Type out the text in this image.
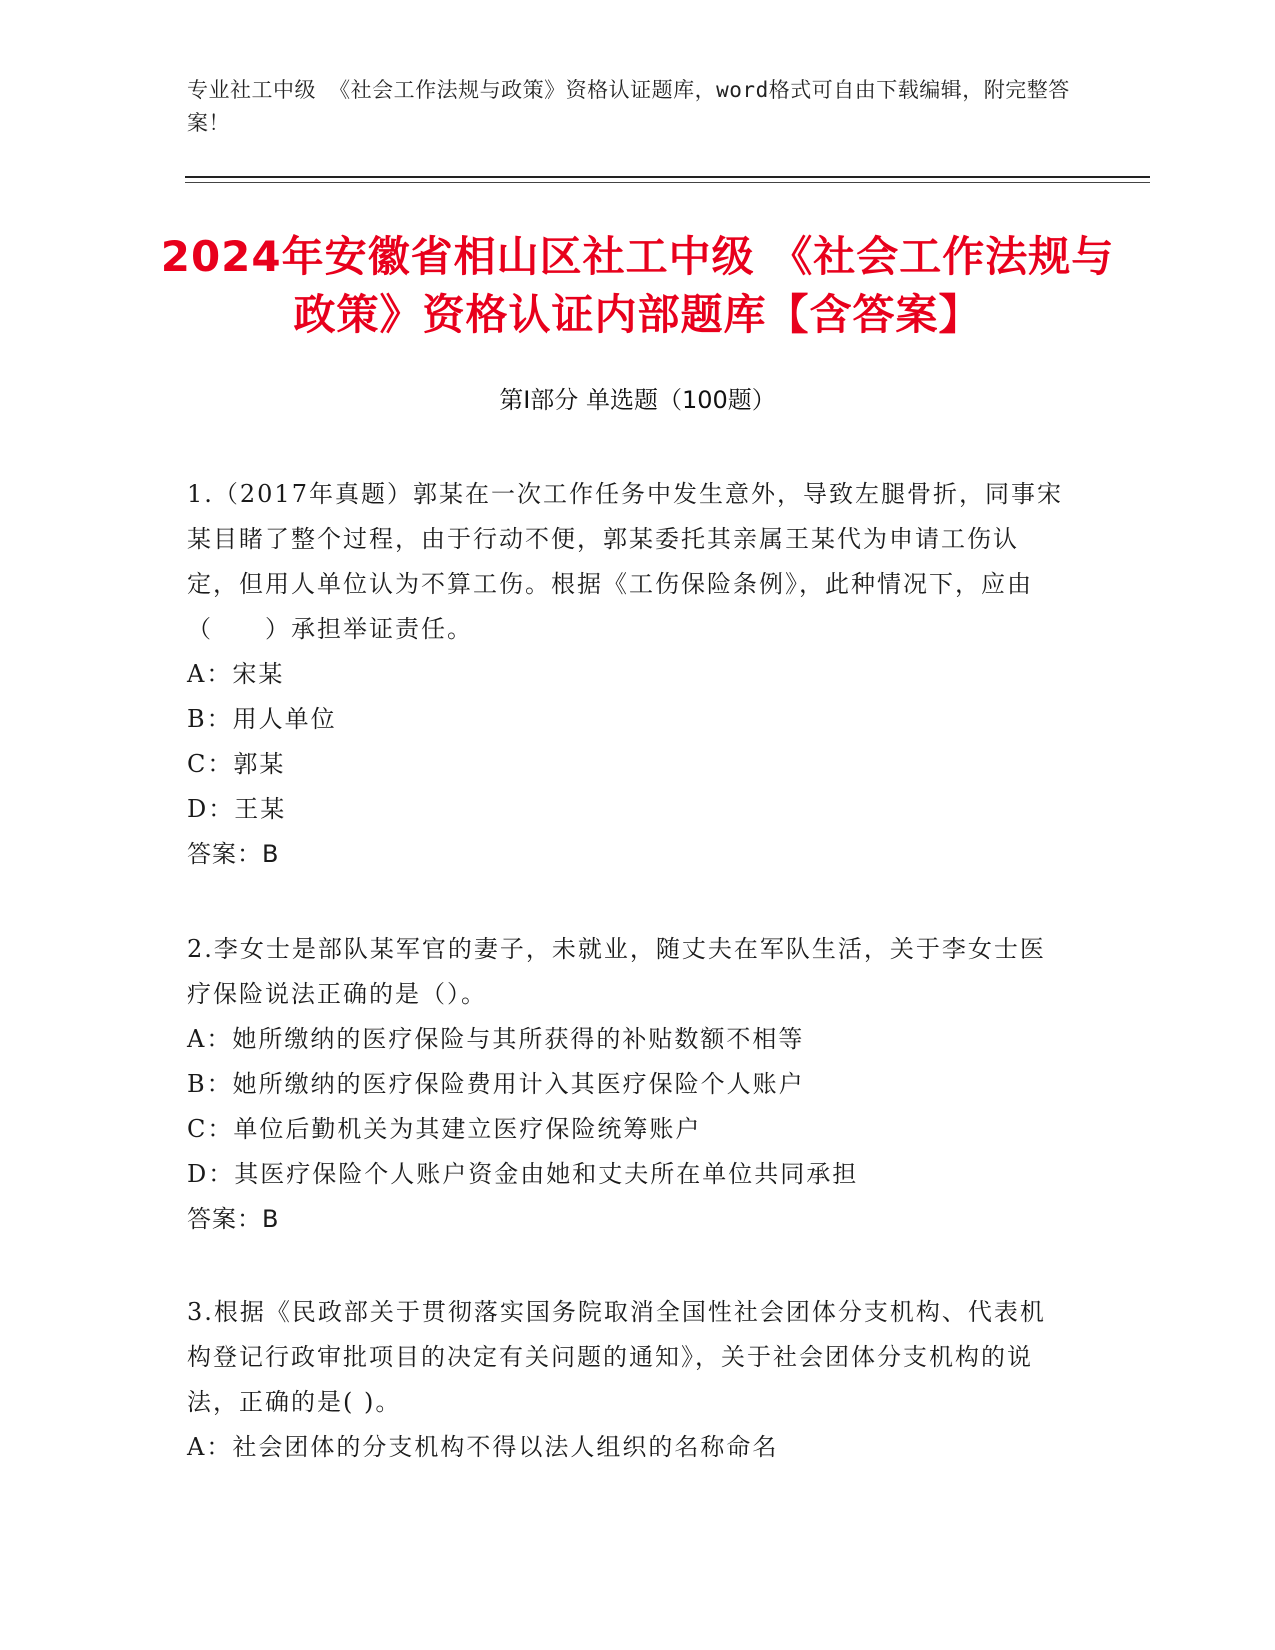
专业社工中级 《社会工作法规与政策》资格认证题库，word格式可自由下载编辑，附完整答案！
2024年安徽省相山区社工中级 《社会工作法规与政策》资格认证内部题库【含答案】
第Ⅰ部分 单选题（100题）

1.（2017年真题）郭某在一次工作任务中发生意外，导致左腿骨折，同事宋某目睹了整个过程，由于行动不便，郭某委托其亲属王某代为申请工伤认定，但用人单位认为不算工伤。根据《工伤保险条例》，此种情况下，应由（　　）承担举证责任。

A：宋某

B：用人单位

C：郭某

D：王某

答案：B

2.李女士是部队某军官的妻子，未就业，随丈夫在军队生活，关于李女士医疗保险说法正确的是（）。

A：她所缴纳的医疗保险与其所获得的补贴数额不相等

B：她所缴纳的医疗保险费用计入其医疗保险个人账户

C：单位后勤机关为其建立医疗保险统筹账户

D：其医疗保险个人账户资金由她和丈夫所在单位共同承担

答案：B

3.根据《民政部关于贯彻落实国务院取消全国性社会团体分支机构、代表机构登记行政审批项目的决定有关问题的通知》，关于社会团体分支机构的说法，正确的是( )。

A：社会团体的分支机构不得以法人组织的名称命名
